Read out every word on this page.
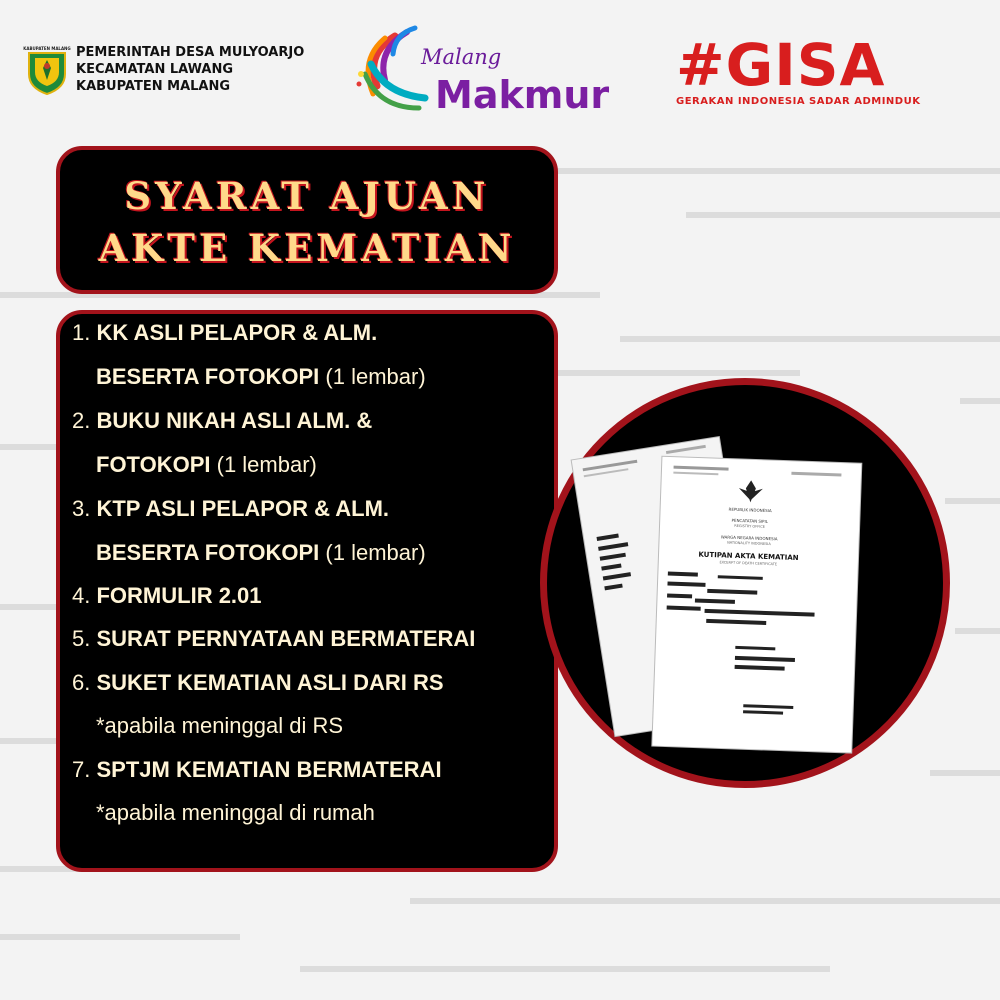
KABUPATEN MALANG PEMERINTAH DESA MULYOARJO
KECAMATAN LAWANG
KABUPATEN MALANG
Malang
Makmur #GISA
GERAKAN INDONESIA SADAR ADMINDUK
SYARAT AJUAN
AKTE KEMATIAN
1. KK ASLI PELAPOR & ALM.
BESERTA FOTOKOPI (1 lembar)
2. BUKU NIKAH ASLI ALM. &
FOTOKOPI (1 lembar)
3. KTP ASLI PELAPOR & ALM.
BESERTA FOTOKOPI (1 lembar)
4. FORMULIR 2.01
5. SURAT PERNYATAAN BERMATERAI
6. SUKET KEMATIAN ASLI DARI RS
*apabila meninggal di RS
7. SPTJM KEMATIAN BERMATERAI
*apabila meninggal di rumah
REPUBLIK INDONESIA
PENCATATAN SIPIL
REGISTRY OFFICE
WARGA NEGARA INDONESIA
NATIONALITY INDONESIA
KUTIPAN AKTA KEMATIAN
EXCERPT OF DEATH CERTIFICATE
